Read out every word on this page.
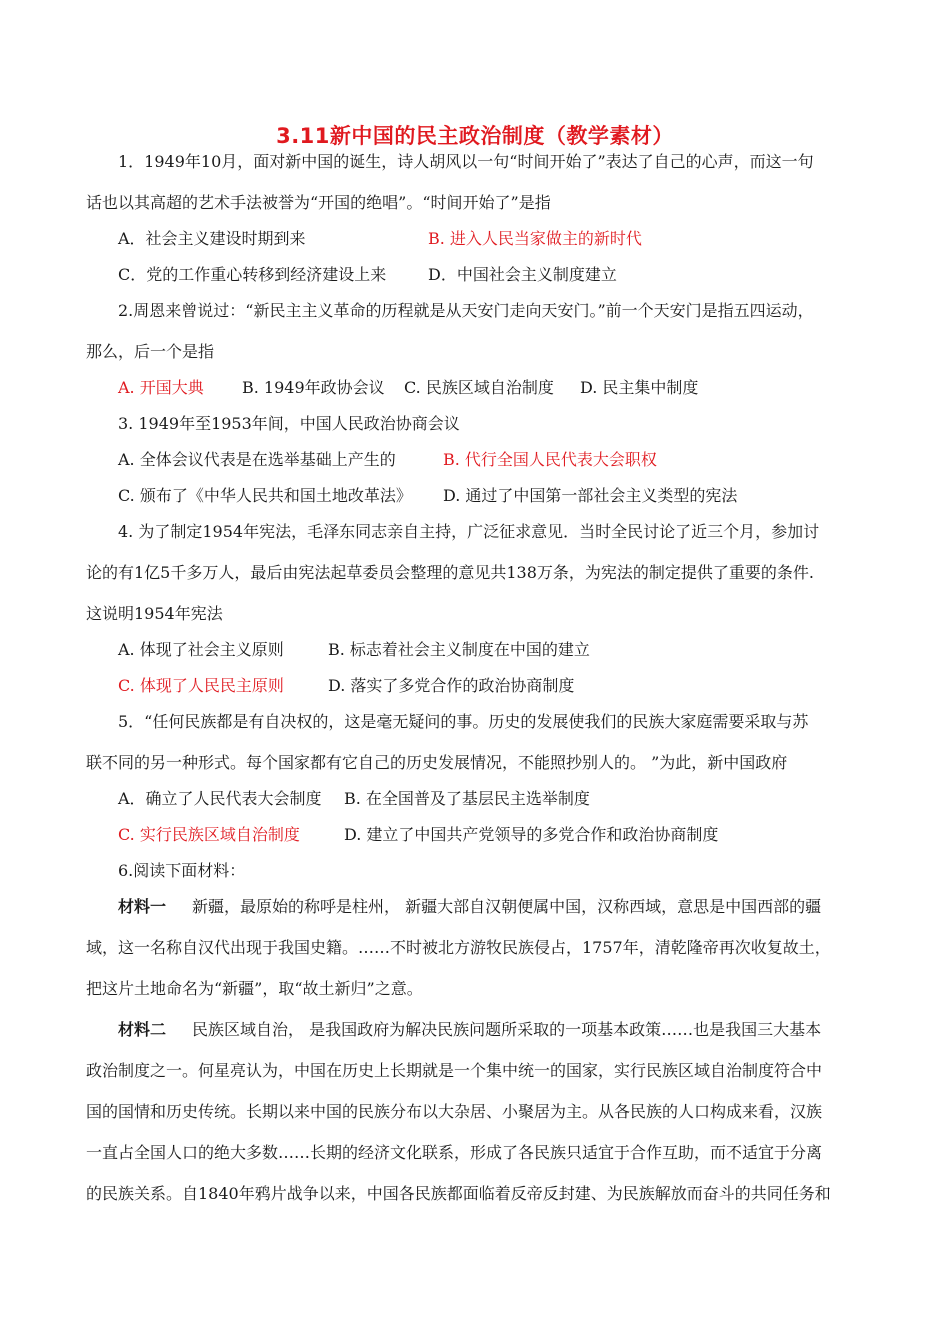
3.11新中国的民主政治制度（教学素材）
1．1949年10月，面对新中国的诞生，诗人胡风以一句“时间开始了”表达了自己的心声，而这一句
话也以其高超的艺术手法被誉为“开国的绝唱”。“时间开始了”是指
A．社会主义建设时期到来	B. 进入人民当家做主的新时代
C．党的工作重心转移到经济建设上来	D．中国社会主义制度建立
2.周恩来曾说过：“新民主主义革命的历程就是从天安门走向天安门。”前一个天安门是指五四运动，
那么，后一个是指
A. 开国大典 B. 1949年政协会议 C. 民族区域自治制度 D. 民主集中制度
3. 1949年至1953年间，中国人民政治协商会议
A. 全体会议代表是在选举基础上产生的	B. 代行全国人民代表大会职权
C. 颁布了《中华人民共和国土地改革法》 D. 通过了中国第一部社会主义类型的宪法
4. 为了制定1954年宪法，毛泽东同志亲自主持，广泛征求意见．当时全民讨论了近三个月，参加讨
论的有1亿5千多万人，最后由宪法起草委员会整理的意见共138万条，为宪法的制定提供了重要的条件.
这说明1954年宪法
A. 体现了社会主义原则	B. 标志着社会主义制度在中国的建立
C. 体现了人民民主原则	D. 落实了多党合作的政治协商制度
5．“任何民族都是有自决权的，这是毫无疑问的事。历史的发展使我们的民族大家庭需要采取与苏
联不同的另一种形式。每个国家都有它自己的历史发展情况，不能照抄别人的。 ”为此，新中国政府
A．确立了人民代表大会制度 B. 在全国普及了基层民主选举制度
C. 实行民族区域自治制度	D. 建立了中国共产党领导的多党合作和政治协商制度
6.阅读下面材料：
材料一 新疆，最原始的称呼是柱州， 新疆大部自汉朝便属中国，汉称西域，意思是中国西部的疆
域，这一名称自汉代出现于我国史籍。……不时被北方游牧民族侵占，1757年，清乾隆帝再次收复故土，
把这片土地命名为“新疆”，取“故土新归”之意。
材料二 民族区域自治， 是我国政府为解决民族问题所采取的一项基本政策……也是我国三大基本
政治制度之一。何星亮认为，中国在历史上长期就是一个集中统一的国家，实行民族区域自治制度符合中
国的国情和历史传统。长期以来中国的民族分布以大杂居、小聚居为主。从各民族的人口构成来看，汉族
一直占全国人口的绝大多数……长期的经济文化联系，形成了各民族只适宜于合作互助，而不适宜于分离
的民族关系。自1840年鸦片战争以来，中国各民族都面临着反帝反封建、为民族解放而奋斗的共同任务和
